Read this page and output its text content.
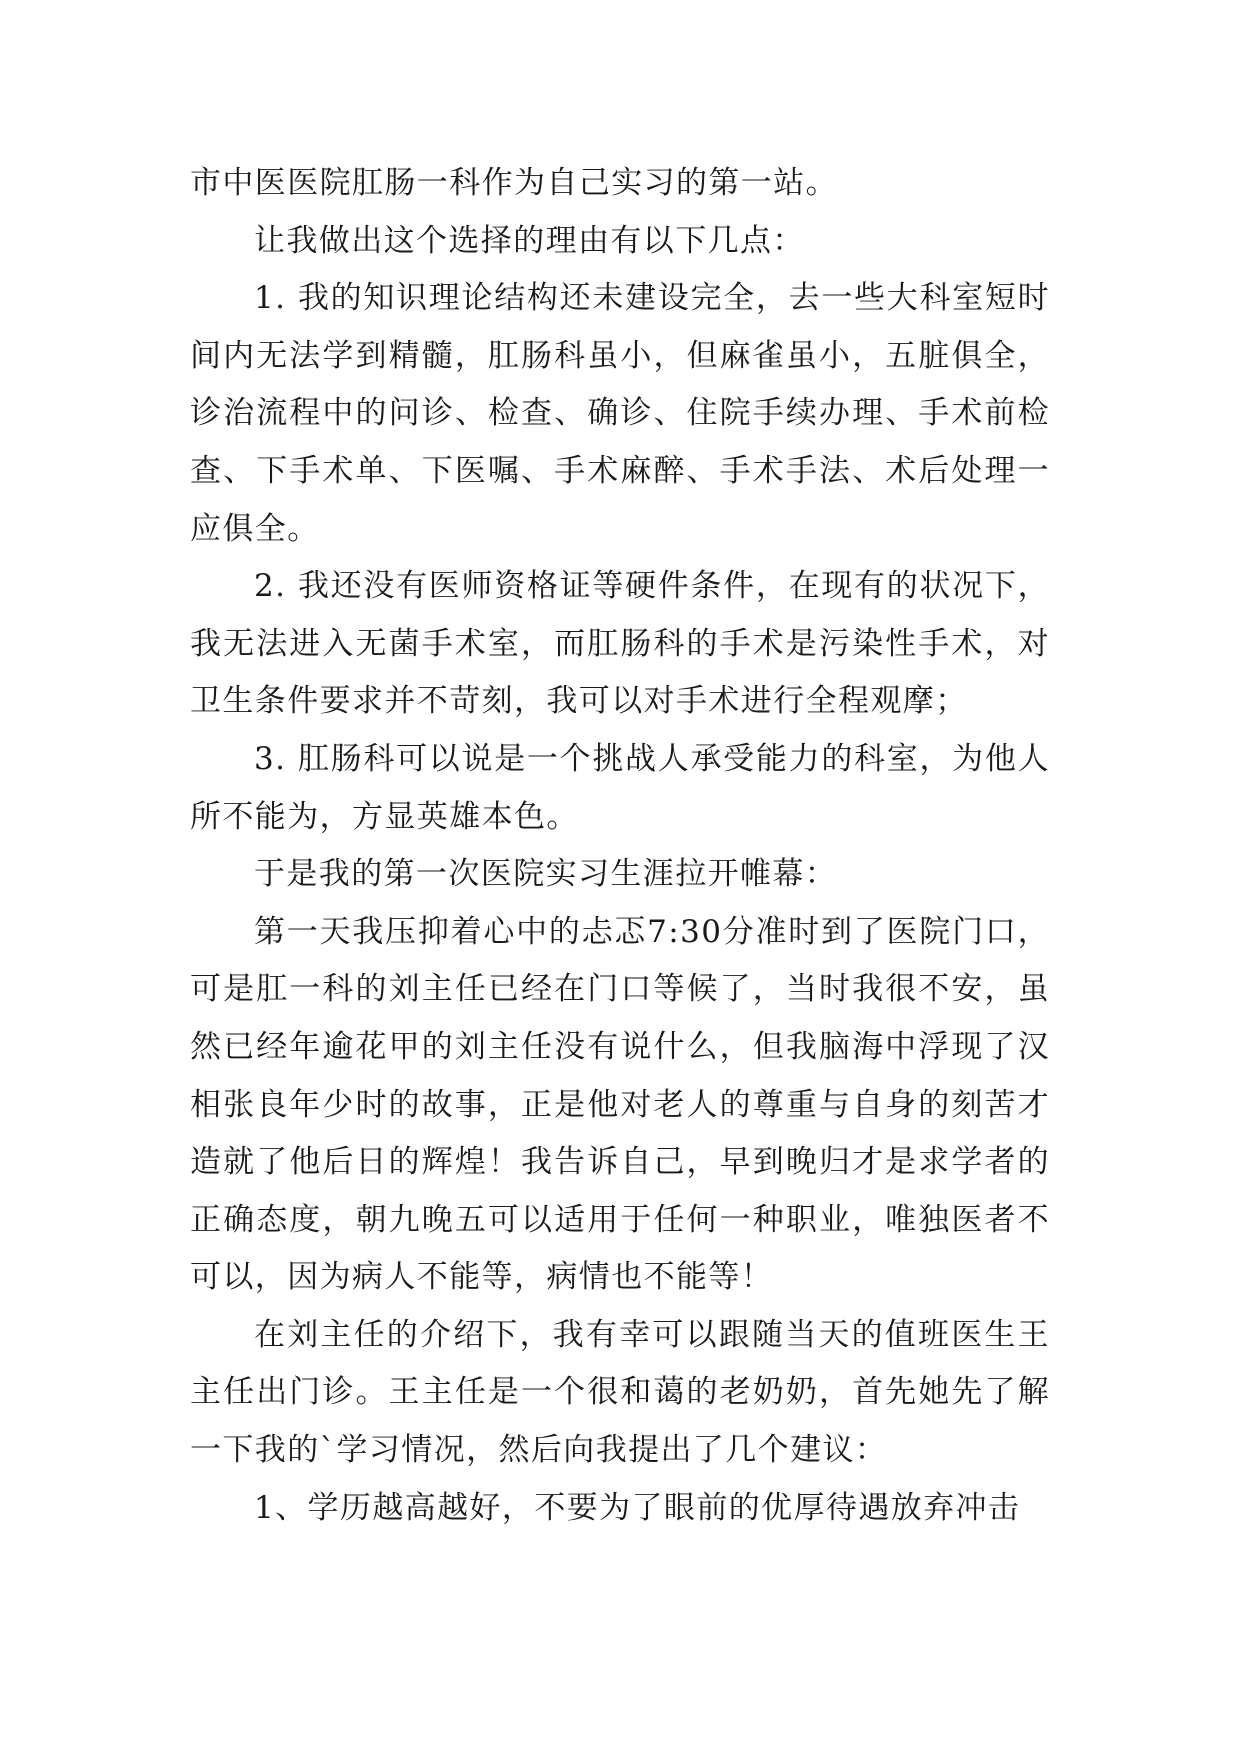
市中医医院肛肠一科作为自己实习的第一站。

让我做出这个选择的理由有以下几点：

1. 我的知识理论结构还未建设完全，去一些大科室短时间内无法学到精髓，肛肠科虽小，但麻雀虽小，五脏俱全，诊治流程中的问诊、检查、确诊、住院手续办理、手术前检查、下手术单、下医嘱、手术麻醉、手术手法、术后处理一应俱全。

2. 我还没有医师资格证等硬件条件，在现有的状况下，我无法进入无菌手术室，而肛肠科的手术是污染性手术，对卫生条件要求并不苛刻，我可以对手术进行全程观摩；

3. 肛肠科可以说是一个挑战人承受能力的科室，为他人所不能为，方显英雄本色。

于是我的第一次医院实习生涯拉开帷幕：

第一天我压抑着心中的忐忑7:30分准时到了医院门口，可是肛一科的刘主任已经在门口等候了，当时我很不安，虽然已经年逾花甲的刘主任没有说什么，但我脑海中浮现了汉相张良年少时的故事，正是他对老人的尊重与自身的刻苦才造就了他后日的辉煌！我告诉自己，早到晚归才是求学者的正确态度，朝九晚五可以适用于任何一种职业，唯独医者不可以，因为病人不能等，病情也不能等！

在刘主任的介绍下，我有幸可以跟随当天的值班医生王主任出门诊。王主任是一个很和蔼的老奶奶，首先她先了解一下我的`学习情况，然后向我提出了几个建议：

1、学历越高越好，不要为了眼前的优厚待遇放弃冲击
